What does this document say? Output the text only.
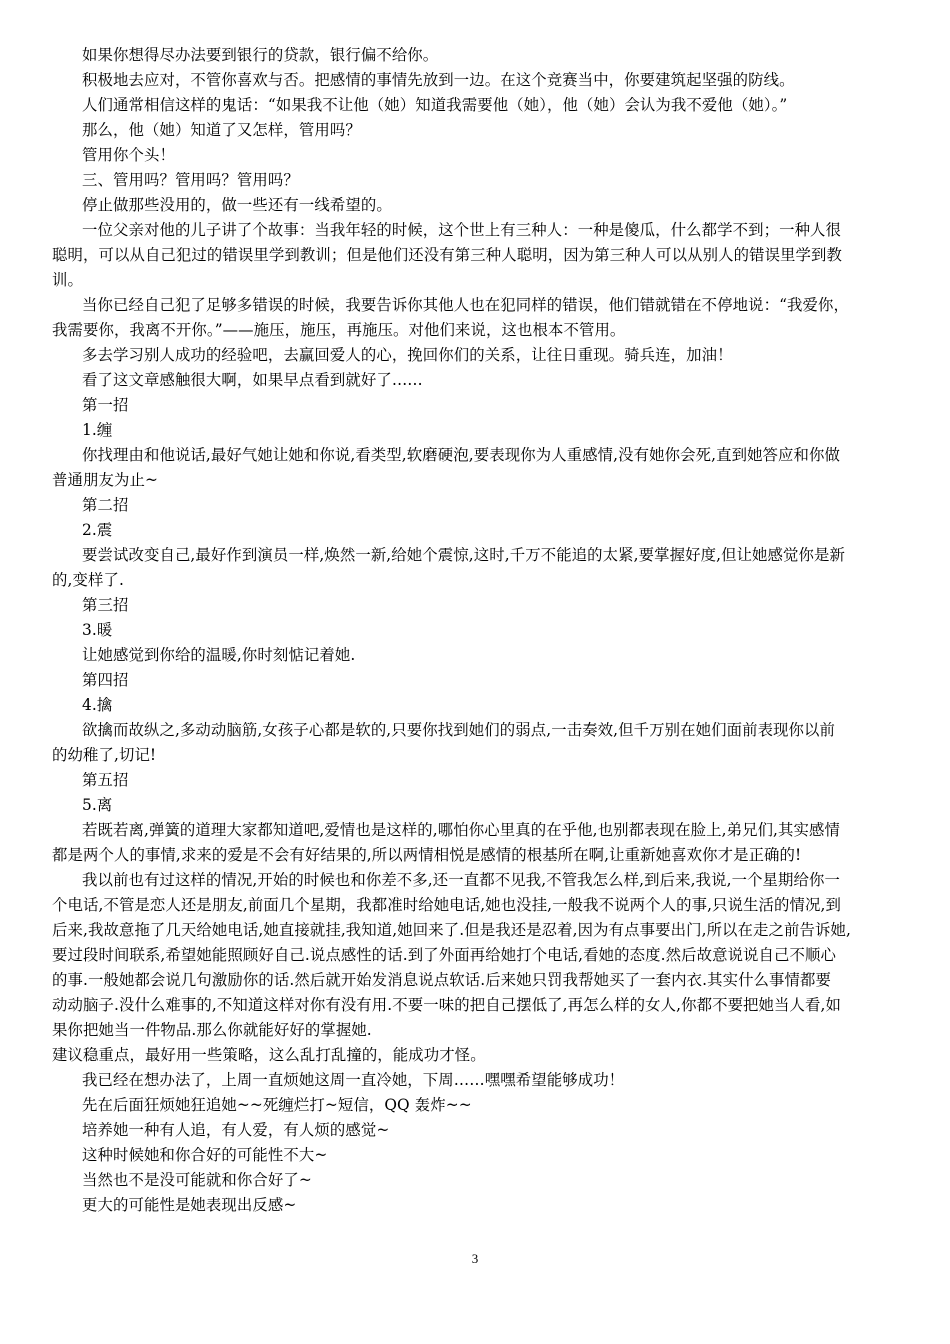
如果你想得尽办法要到银行的贷款，银行偏不给你。
积极地去应对，不管你喜欢与否。把感情的事情先放到一边。在这个竞赛当中，你要建筑起坚强的防线。
人们通常相信这样的鬼话：“如果我不让他（她）知道我需要他（她），他（她）会认为我不爱他（她）。”
那么，他（她）知道了又怎样，管用吗？
管用你个头！
三、管用吗？管用吗？管用吗？
停止做那些没用的，做一些还有一线希望的。
一位父亲对他的儿子讲了个故事：当我年轻的时候，这个世上有三种人：一种是傻瓜，什么都学不到；一种人很
聪明，可以从自己犯过的错误里学到教训；但是他们还没有第三种人聪明，因为第三种人可以从别人的错误里学到教
训。
当你已经自己犯了足够多错误的时候，我要告诉你其他人也在犯同样的错误，他们错就错在不停地说：“我爱你，
我需要你，我离不开你。”——施压，施压，再施压。对他们来说，这也根本不管用。
多去学习别人成功的经验吧，去赢回爱人的心，挽回你们的关系，让往日重现。骑兵连，加油！
看了这文章感触很大啊，如果早点看到就好了……
第一招
1.缠
你找理由和他说话,最好气她让她和你说,看类型,软磨硬泡,要表现你为人重感情,没有她你会死,直到她答应和你做
普通朋友为止~
第二招
2.震
要尝试改变自己,最好作到演员一样,焕然一新,给她个震惊,这时,千万不能追的太紧,要掌握好度,但让她感觉你是新
的,变样了.
第三招
3.暖
让她感觉到你给的温暖,你时刻惦记着她.
第四招
4.擒
欲擒而故纵之,多动动脑筋,女孩子心都是软的,只要你找到她们的弱点,一击奏效,但千万别在她们面前表现你以前
的幼稚了,切记!
第五招
5.离
若既若离,弹簧的道理大家都知道吧,爱情也是这样的,哪怕你心里真的在乎他,也别都表现在脸上,弟兄们,其实感情
都是两个人的事情,求来的爱是不会有好结果的,所以两情相悦是感情的根基所在啊,让重新她喜欢你才是正确的!
我以前也有过这样的情况,开始的时候也和你差不多,还一直都不见我,不管我怎么样,到后来,我说,一个星期给你一
个电话,不管是恋人还是朋友,前面几个星期，我都准时给她电话,她也没挂,一般我不说两个人的事,只说生活的情况,到
后来,我故意拖了几天给她电话,她直接就挂,我知道,她回来了.但是我还是忍着,因为有点事要出门,所以在走之前告诉她,
要过段时间联系,希望她能照顾好自己.说点感性的话.到了外面再给她打个电话,看她的态度.然后故意说说自己不顺心
的事.一般她都会说几句激励你的话.然后就开始发消息说点软话.后来她只罚我帮她买了一套内衣.其实什么事情都要
动动脑子.没什么难事的,不知道这样对你有没有用.不要一味的把自己摆低了,再怎么样的女人,你都不要把她当人看,如
果你把她当一件物品.那么你就能好好的掌握她.
建议稳重点，最好用一些策略，这么乱打乱撞的，能成功才怪。
我已经在想办法了，上周一直烦她这周一直冷她，下周……嘿嘿希望能够成功！
先在后面狂烦她狂追她~~死缠烂打~短信，QQ 轰炸~~
培养她一种有人追，有人爱，有人烦的感觉~
这种时候她和你合好的可能性不大~
当然也不是没可能就和你合好了~
更大的可能性是她表现出反感~
3
